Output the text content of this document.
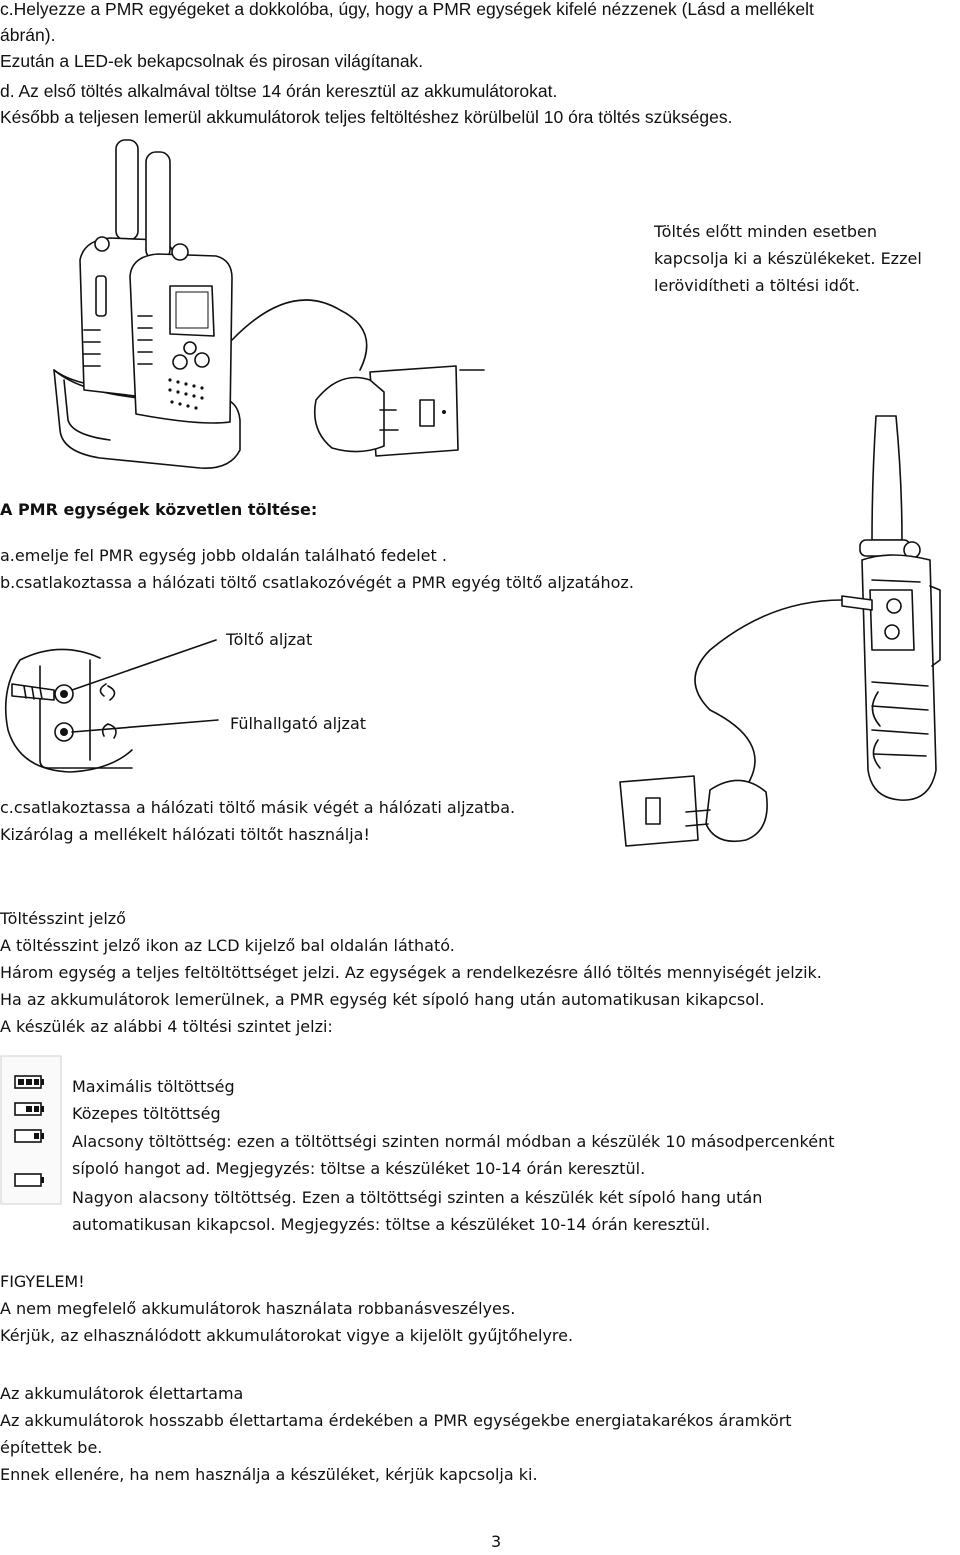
c.Helyezze a PMR egyégeket a dokkolóba, úgy, hogy a PMR egységek kifelé nézzenek (Lásd a mellékelt
ábrán).
Ezután a LED-ek bekapcsolnak és pirosan világítanak.
d. Az első töltés alkalmával töltse 14 órán keresztül az akkumulátorokat.
Később a teljesen lemerül akkumulátorok teljes feltöltéshez körülbelül 10 óra töltés szükséges.
Töltés előtt minden esetben
kapcsolja ki a készülékeket. Ezzel
lerövidítheti a töltési időt.
A PMR egységek közvetlen töltése:
a.emelje fel PMR egység jobb oldalán található fedelet .
b.csatlakoztassa a hálózati töltő csatlakozóvégét a PMR egyég töltő aljzatához.
Töltő aljzat
Fülhallgató aljzat
c.csatlakoztassa a hálózati töltő másik végét a hálózati aljzatba.
Kizárólag a mellékelt hálózati töltőt használja!
Töltésszint jelző
A töltésszint jelző ikon az LCD kijelző bal oldalán látható.
Három egység a teljes feltöltöttséget jelzi. Az egységek a rendelkezésre álló töltés mennyiségét jelzik.
Ha az akkumulátorok lemerülnek, a PMR egység két sípoló hang után automatikusan kikapcsol.
A készülék az alábbi 4 töltési szintet jelzi:
Maximális töltöttség
Közepes töltöttség
Alacsony töltöttség: ezen a töltöttségi szinten normál módban a készülék 10 másodpercenként
sípoló hangot ad. Megjegyzés: töltse a készüléket 10-14 órán keresztül.
Nagyon alacsony töltöttség. Ezen a töltöttségi szinten a készülék két sípoló hang után
automatikusan kikapcsol. Megjegyzés: töltse a készüléket 10-14 órán keresztül.
FIGYELEM!
A nem megfelelő akkumulátorok használata robbanásveszélyes.
Kérjük, az elhasználódott akkumulátorokat vigye a kijelölt gyűjtőhelyre.
Az akkumulátorok élettartama
Az akkumulátorok hosszabb élettartama érdekében a PMR egységekbe energiatakarékos áramkört
építettek be.
Ennek ellenére, ha nem használja a készüléket, kérjük kapcsolja ki.
3
